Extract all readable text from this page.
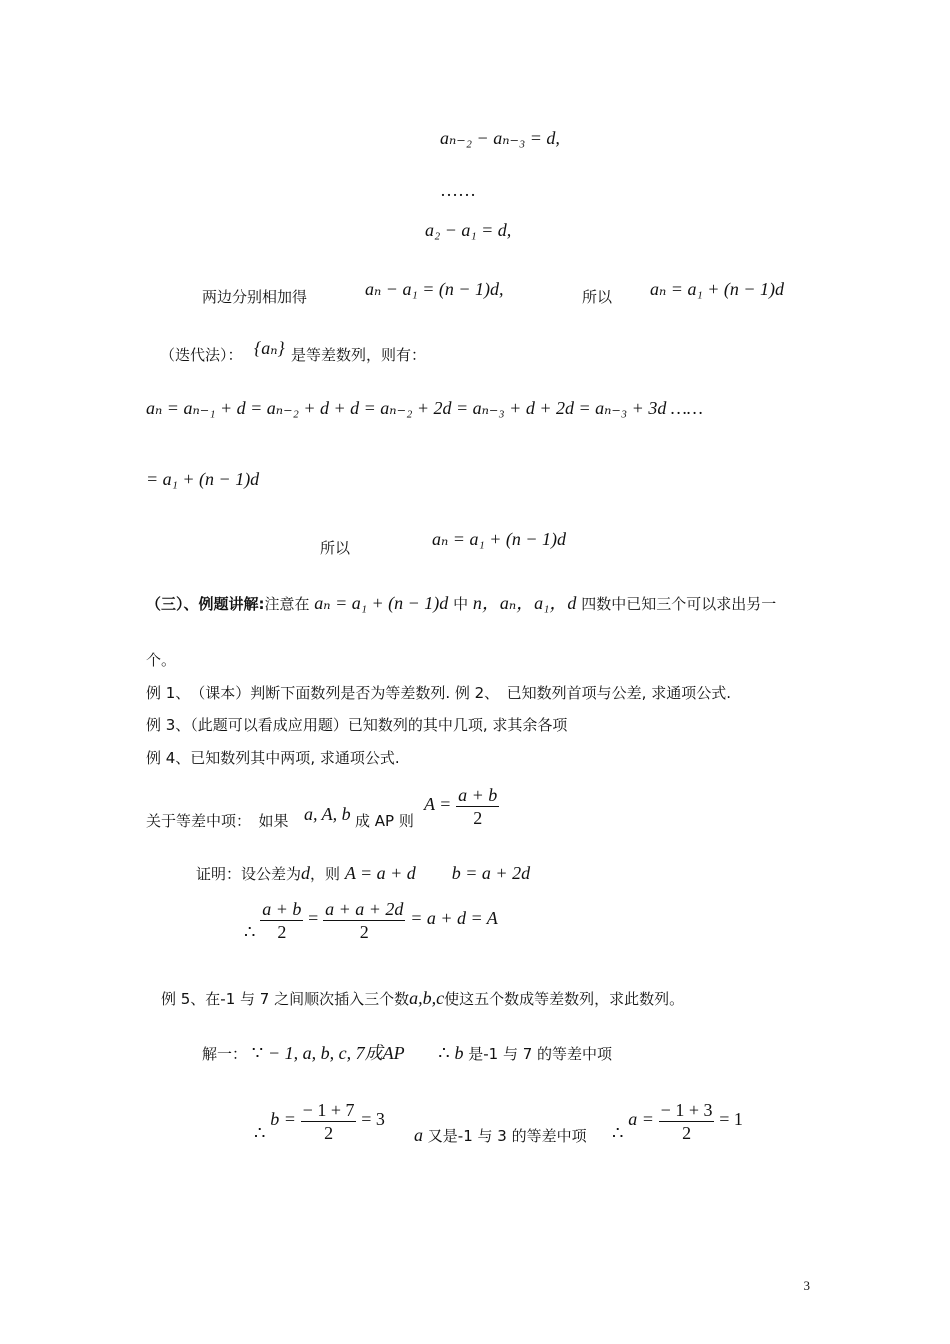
aₙ₋₂ − aₙ₋₃ = d,
……
a₂ − a₁ = d,
两边分别相加得	aₙ − a₁ = (n − 1)d,	所以 aₙ = a₁ + (n − 1)d
（迭代法）： {aₙ} 是等差数列，则有：
aₙ = aₙ₋₁ + d = aₙ₋₂ + d + d = aₙ₋₂ + 2d = aₙ₋₃ + d + 2d = aₙ₋₃ + 3d ……
= a₁ + (n − 1)d
所以	aₙ = a₁ + (n − 1)d
（三）、例题讲解:注意在 aₙ = a₁ + (n − 1)d 中 n，aₙ，a₁，d 四数中已知三个可以求出另一
个。
例 1、　（课本）判断下面数列是否为等差数列. 例 2、　已知数列首项与公差, 求通项公式.
例 3、（此题可以看成应用题）已知数列的其中几项, 求其余各项
例 4、已知数列其中两项, 求通项公式.
关于等差中项：　如果 a, A, b 成 AP 则
$A = \frac{a + b}{2}$
证明：设公差为d，则 A = a + d　　b = a + 2d
∴ $\frac{a + b}{2} = \frac{a + a + 2d}{2} = a + d = A$
例 5、在-1 与 7 之间顺次插入三个数a,b,c使这五个数成等差数列，求此数列。
解一： ∵ − 1, a, b, c, 7成AP ∴ b 是-1 与 7 的等差中项
∴ $b = \frac{- 1 + 7}{2} = 3$
a 又是-1 与 3 的等差中项 ∴ $a = \frac{- 1 + 3}{2} = 1$
3
